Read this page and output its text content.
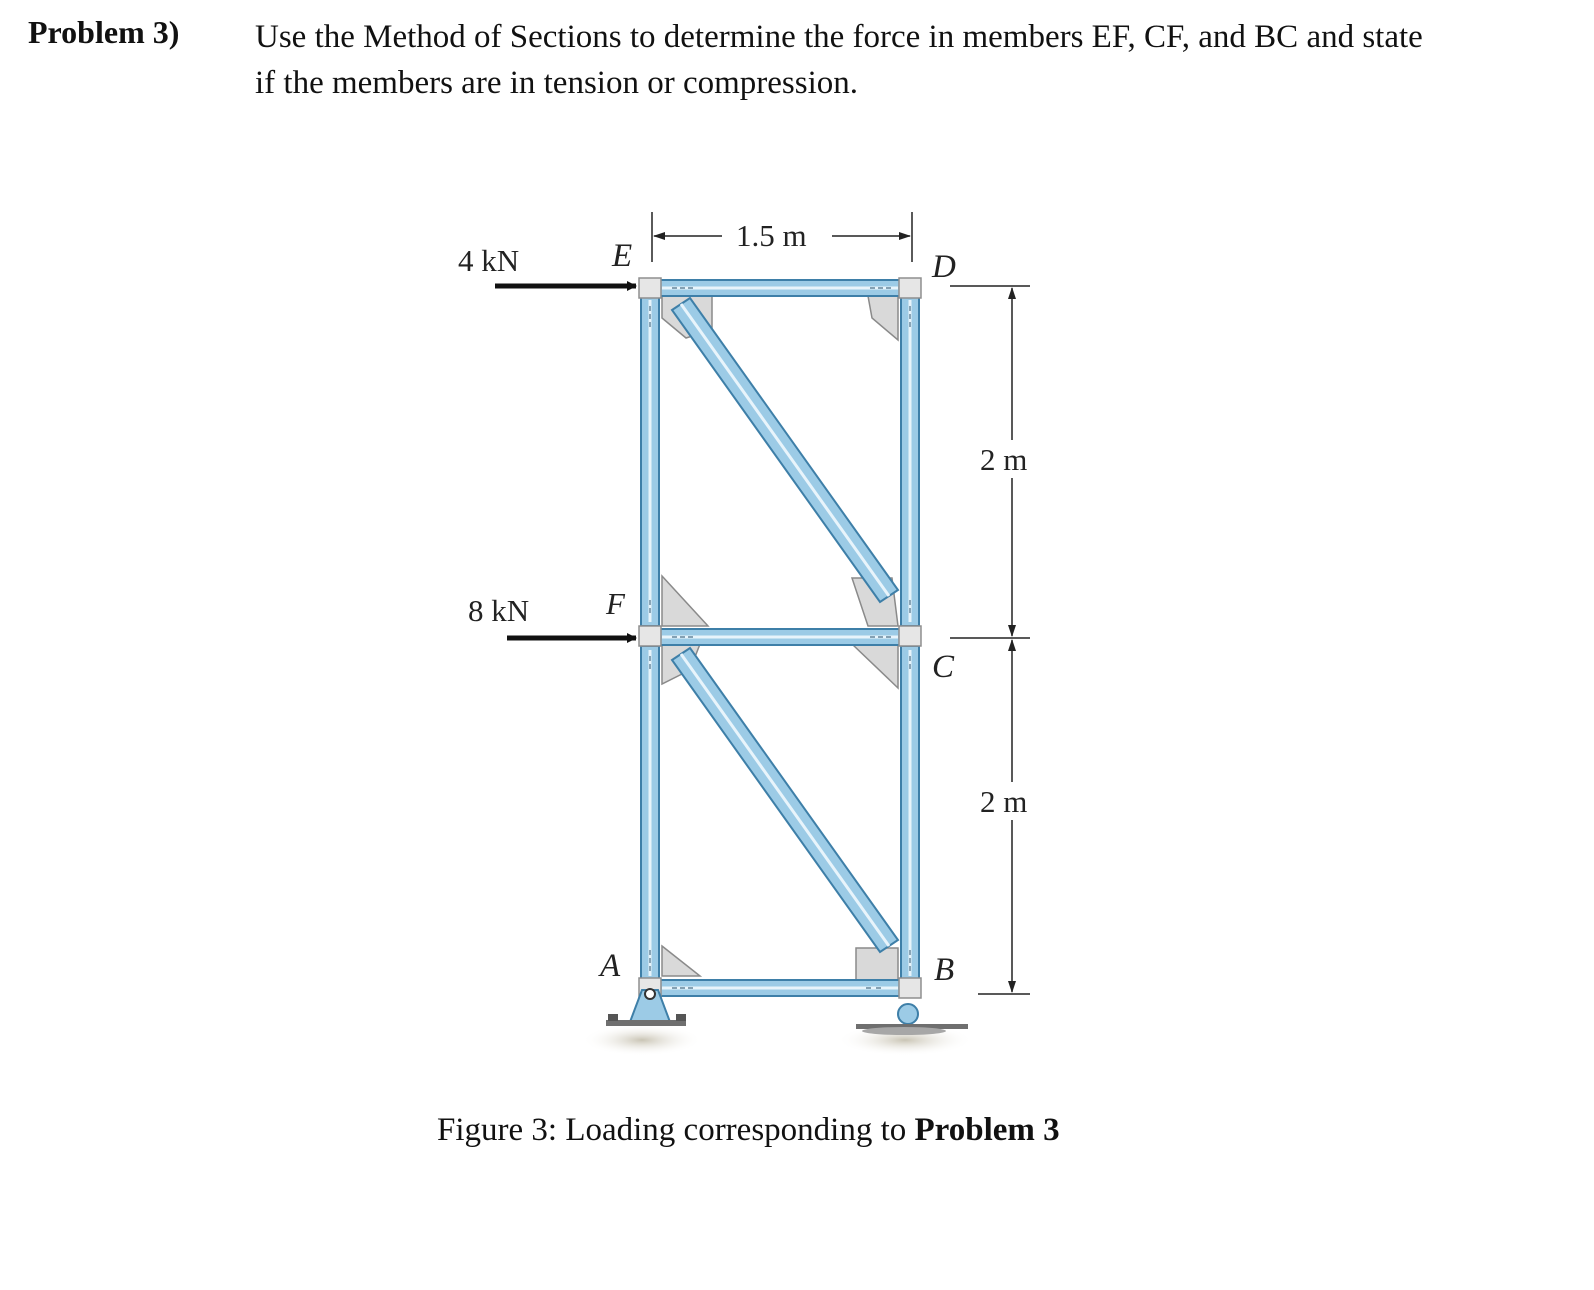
Problem 3) Use the Method of Sections to determine the force in members EF, CF, and BC and state

if the members are in tension or compression.

4 kN
8 kN
E
F
A
D
C
B
1.5 m
2 m
2 m
Figure 3: Loading corresponding to Problem 3
